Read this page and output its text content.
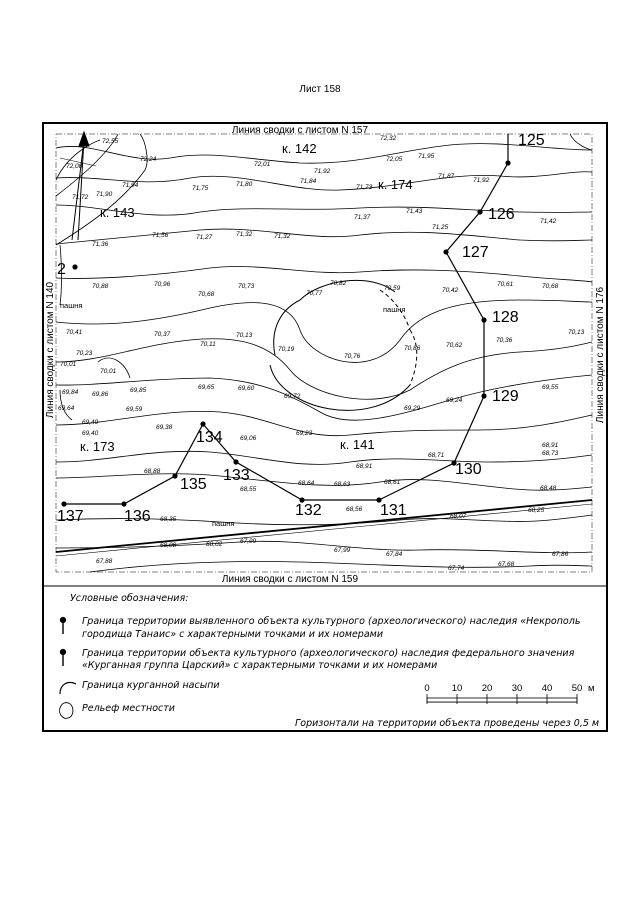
Лист 158
Линия сводки с листом N 157
Линия сводки с листом N 159
Линия сводки с листом N 140	Линия сводки с листом N 176
125
126
127
128
129
130
131
132
133
134
135
136
137
2
к. 142
к. 174
к. 143
к. 173	к. 141
пашня
пашня
пашня
72,55
72,24
72,08	72,01
71,94	71,75
71,80	71,84
71,92
71,73
71,72 71,90
71,87
71,92
71,95
72,05
72,32
71,56	71,27	71,32	71,32
71,37
71,43
71,25
71,42
71,36
70,96
70,88
70,68
70,73
70,77
70,82
70,59	70,42
70,61	70,68
70,41	70,37
70,11
70,13
70,19
70,76
70,86	70,62
70,36
70,13
70,23
70,01
70,01
69,84 69,86
69,85	69,65	69,60
69,72
69,29
69,24
69,55
69,64	69,59
69,49
69,40
69,38
69,06
69,23
68,91
68,73
68,71
68,91
68,88
68,55
68,64	68,63	68,61
68,48
68,56
68,35	68,07
68,25
68,08	68,02	67,99
67,99
67,84	67,86
67,88
67,74
67,68
Условные обозначения:
Граница территории выявленного объекта культурного (археологического) наследия «Некрополь
городища Танаис» с характерными точками и их номерами
Граница территории объекта культурного (археологического) наследия федерального значения
«Курганная группа Царский» с характерными точками и их номерами
Граница курганной насыпи
Рельеф местности
Горизонтали на территории объекта проведены через 0,5 м
0 10 20 30 40 50 м
